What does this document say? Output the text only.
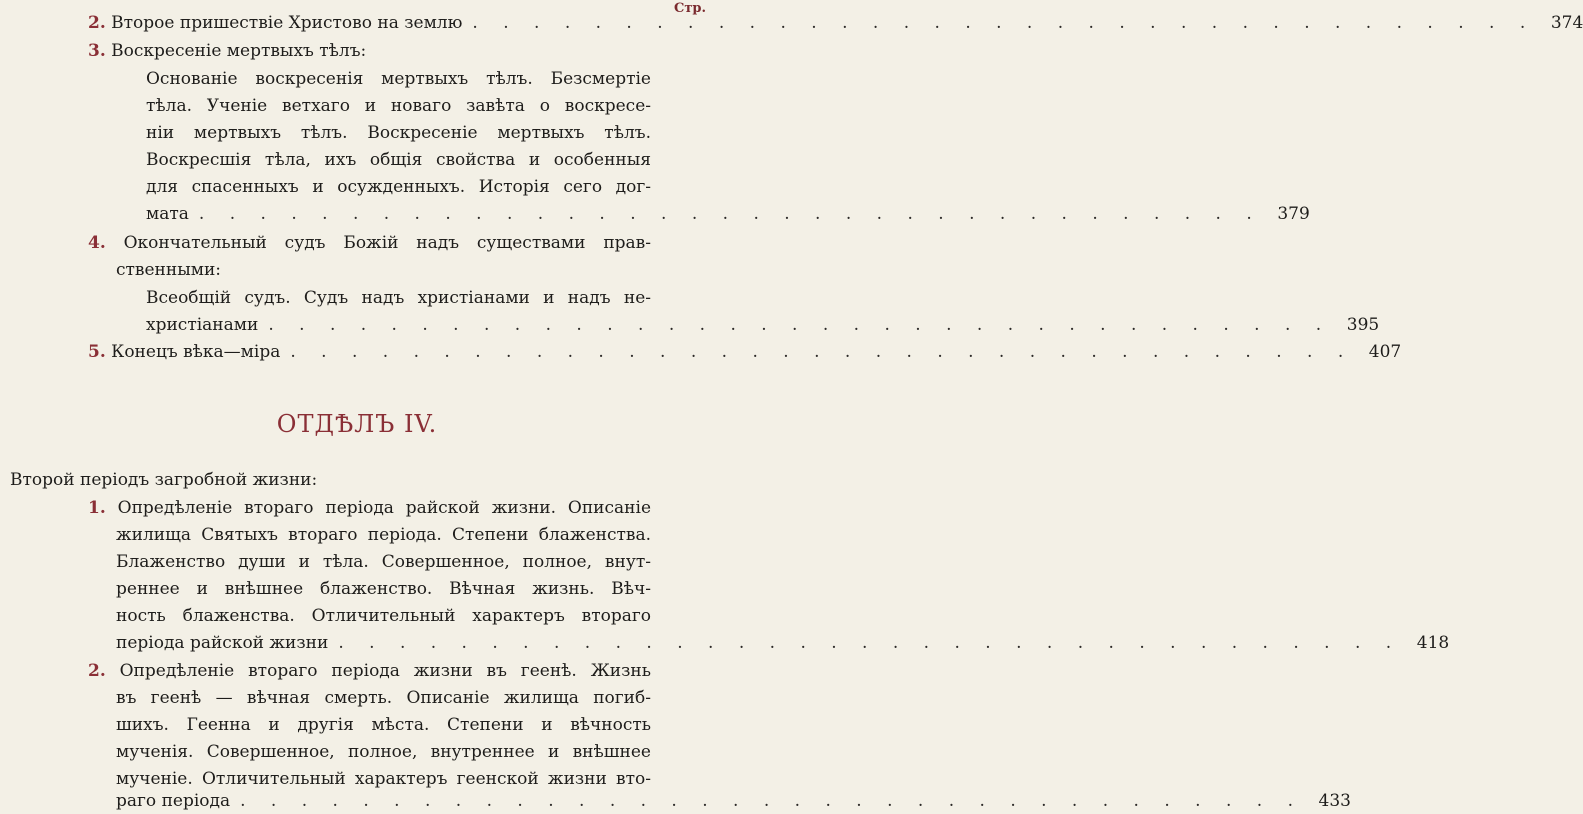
Стр.
2. Второе пришествіе Христово на землю . . . . . . . . . . . . . . . . . . . . . . . . . . . . . . . . . . . 374
3. Воскресеніе мертвыхъ тѣлъ:
Основаніе воскресенія мертвыхъ тѣлъ. Безсмертіе
тѣла. Ученіе ветхаго и новаго завѣта о воскресе-
ніи мертвыхъ тѣлъ. Воскресеніе мертвыхъ тѣлъ.
Воскресшія тѣла, ихъ общія свойства и особенныя
для спасенныхъ и осужденныхъ. Исторія сего дог-
мата . . . . . . . . . . . . . . . . . . . . . . . . . . . . . . . . . . . 379
4. Окончательный судъ Божій надъ существами прав-
ственными:
Всеобщій судъ. Судъ надъ христіанами и надъ не-
христіанами . . . . . . . . . . . . . . . . . . . . . . . . . . . . . . . . . . . 395
5. Конецъ вѣка—міра . . . . . . . . . . . . . . . . . . . . . . . . . . . . . . . . . . . 407
ОТДѢЛЪ IV.
Второй періодъ загробной жизни:
1. Опредѣленіе втораго періода райской жизни. Описаніе
жилища Святыхъ втораго періода. Степени блаженства.
Блаженство души и тѣла. Совершенное, полное, внут-
реннее и внѣшнее блаженство. Вѣчная жизнь. Вѣч-
ность блаженства. Отличительный характеръ втораго
періода райской жизни . . . . . . . . . . . . . . . . . . . . . . . . . . . . . . . . . . . 418
2. Опредѣленіе втораго періода жизни въ геенѣ. Жизнь
въ геенѣ — вѣчная смерть. Описаніе жилища погиб-
шихъ. Геенна и другія мѣста. Степени и вѣчность
мученія. Совершенное, полное, внутреннее и внѣшнее
мученіе. Отличительный характеръ геенской жизни вто-
раго періода . . . . . . . . . . . . . . . . . . . . . . . . . . . . . . . . . . . 433
